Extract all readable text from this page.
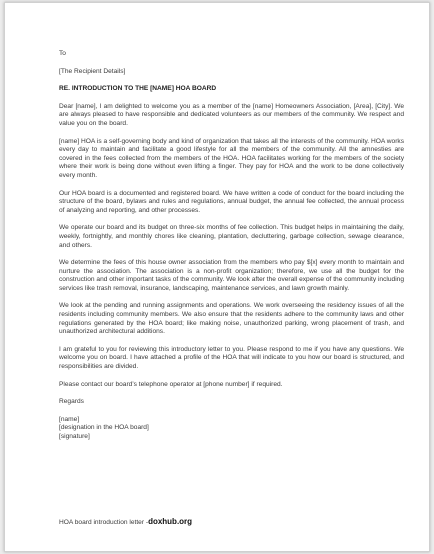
To
[The Recipient Details]
RE. INTRODUCTION TO THE [NAME] HOA BOARD

Dear [name], I am delighted to welcome you as a member of the [name] Homeowners Association, [Area], [City]. We are always pleased to have responsible and dedicated volunteers as our members of the community. We respect and value you on the board.

[name] HOA is a self-governing body and kind of organization that takes all the interests of the community. HOA works every day to maintain and facilitate a good lifestyle for all the members of the community. All the amnesties are covered in the fees collected from the members of the HOA. HOA facilitates working for the members of the society where their work is being done without even lifting a finger. They pay for HOA and the work to be done collectively every month.

Our HOA board is a documented and registered board. We have written a code of conduct for the board including the structure of the board, bylaws and rules and regulations, annual budget, the annual fee collected, the annual process of analyzing and reporting, and other processes.

We operate our board and its budget on three-six months of fee collection. This budget helps in maintaining the daily, weekly, fortnightly, and monthly chores like cleaning, plantation, decluttering, garbage collection, sewage clearance, and others.

We determine the fees of this house owner association from the members who pay $[x] every month to maintain and nurture the association. The association is a non-profit organization; therefore, we use all the budget for the construction and other important tasks of the community. We look after the overall expense of the community including services like trash removal, insurance, landscaping, maintenance services, and lawn growth mainly.

We look at the pending and running assignments and operations. We work overseeing the residency issues of all the residents including community members. We also ensure that the residents adhere to the community laws and other regulations generated by the HOA board; like making noise, unauthorized parking, wrong placement of trash, and unauthorized architectural additions.

I am grateful to you for reviewing this introductory letter to you. Please respond to me if you have any questions. We welcome you on board. I have attached a profile of the HOA that will indicate to you how our board is structured, and responsibilities are divided.

Please contact our board’s telephone operator at [phone number] if required.

Regards
[name]
[designation in the HOA board]
[signature]
HOA board introduction letter -doxhub.org
